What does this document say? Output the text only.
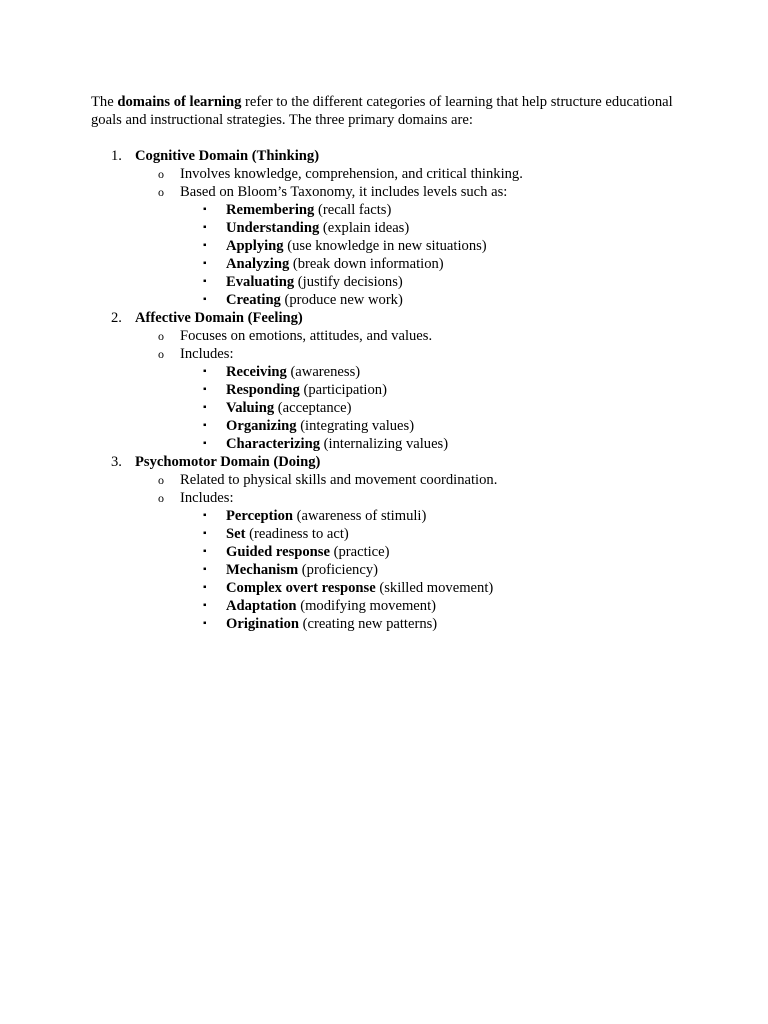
The domains of learning refer to the different categories of learning that help structure educational goals and instructional strategies. The three primary domains are:

1. Cognitive Domain (Thinking)
o Involves knowledge, comprehension, and critical thinking.
o Based on Bloom’s Taxonomy, it includes levels such as:
▪	Remembering (recall facts)
▪	Understanding (explain ideas)
▪	Applying (use knowledge in new situations)
▪	Analyzing (break down information)
▪	Evaluating (justify decisions)
▪	Creating (produce new work)
2. Affective Domain (Feeling)
o Focuses on emotions, attitudes, and values.
o Includes:
▪	Receiving (awareness)
▪	Responding (participation)
▪	Valuing (acceptance)
▪	Organizing (integrating values)
▪	Characterizing (internalizing values)
3. Psychomotor Domain (Doing)
o Related to physical skills and movement coordination.
o Includes:
▪	Perception (awareness of stimuli)
▪	Set (readiness to act)
▪	Guided response (practice)
▪	Mechanism (proficiency)
▪	Complex overt response (skilled movement)
▪	Adaptation (modifying movement)
▪	Origination (creating new patterns)
